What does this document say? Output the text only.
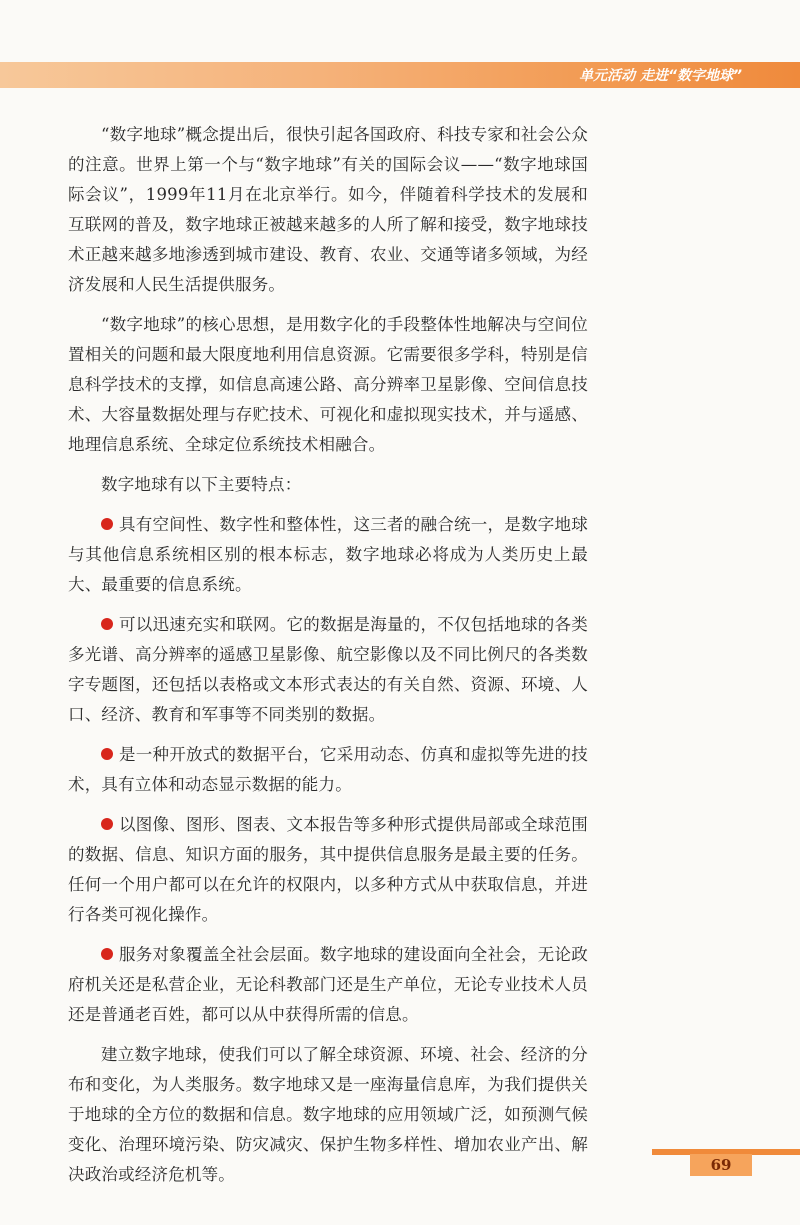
单元活动 走进“数字地球”

“数字地球”概念提出后，很快引起各国政府、科技专家和社会公众的注意。世界上第一个与“数字地球”有关的国际会议——“数字地球国际会议”，1999年11月在北京举行。如今，伴随着科学技术的发展和互联网的普及，数字地球正被越来越多的人所了解和接受，数字地球技术正越来越多地渗透到城市建设、教育、农业、交通等诸多领域，为经济发展和人民生活提供服务。

“数字地球”的核心思想，是用数字化的手段整体性地解决与空间位置相关的问题和最大限度地利用信息资源。它需要很多学科，特别是信息科学技术的支撑，如信息高速公路、高分辨率卫星影像、空间信息技术、大容量数据处理与存贮技术、可视化和虚拟现实技术，并与遥感、地理信息系统、全球定位系统技术相融合。

数字地球有以下主要特点：

具有空间性、数字性和整体性，这三者的融合统一，是数字地球与其他信息系统相区别的根本标志，数字地球必将成为人类历史上最大、最重要的信息系统。

可以迅速充实和联网。它的数据是海量的，不仅包括地球的各类多光谱、高分辨率的遥感卫星影像、航空影像以及不同比例尺的各类数字专题图，还包括以表格或文本形式表达的有关自然、资源、环境、人口、经济、教育和军事等不同类别的数据。

是一种开放式的数据平台，它采用动态、仿真和虚拟等先进的技术，具有立体和动态显示数据的能力。

以图像、图形、图表、文本报告等多种形式提供局部或全球范围的数据、信息、知识方面的服务，其中提供信息服务是最主要的任务。任何一个用户都可以在允许的权限内，以多种方式从中获取信息，并进行各类可视化操作。

服务对象覆盖全社会层面。数字地球的建设面向全社会，无论政府机关还是私营企业，无论科教部门还是生产单位，无论专业技术人员还是普通老百姓，都可以从中获得所需的信息。

建立数字地球，使我们可以了解全球资源、环境、社会、经济的分布和变化，为人类服务。数字地球又是一座海量信息库，为我们提供关于地球的全方位的数据和信息。数字地球的应用领域广泛，如预测气候变化、治理环境污染、防灾减灾、保护生物多样性、增加农业产出、解决政治或经济危机等。	69
